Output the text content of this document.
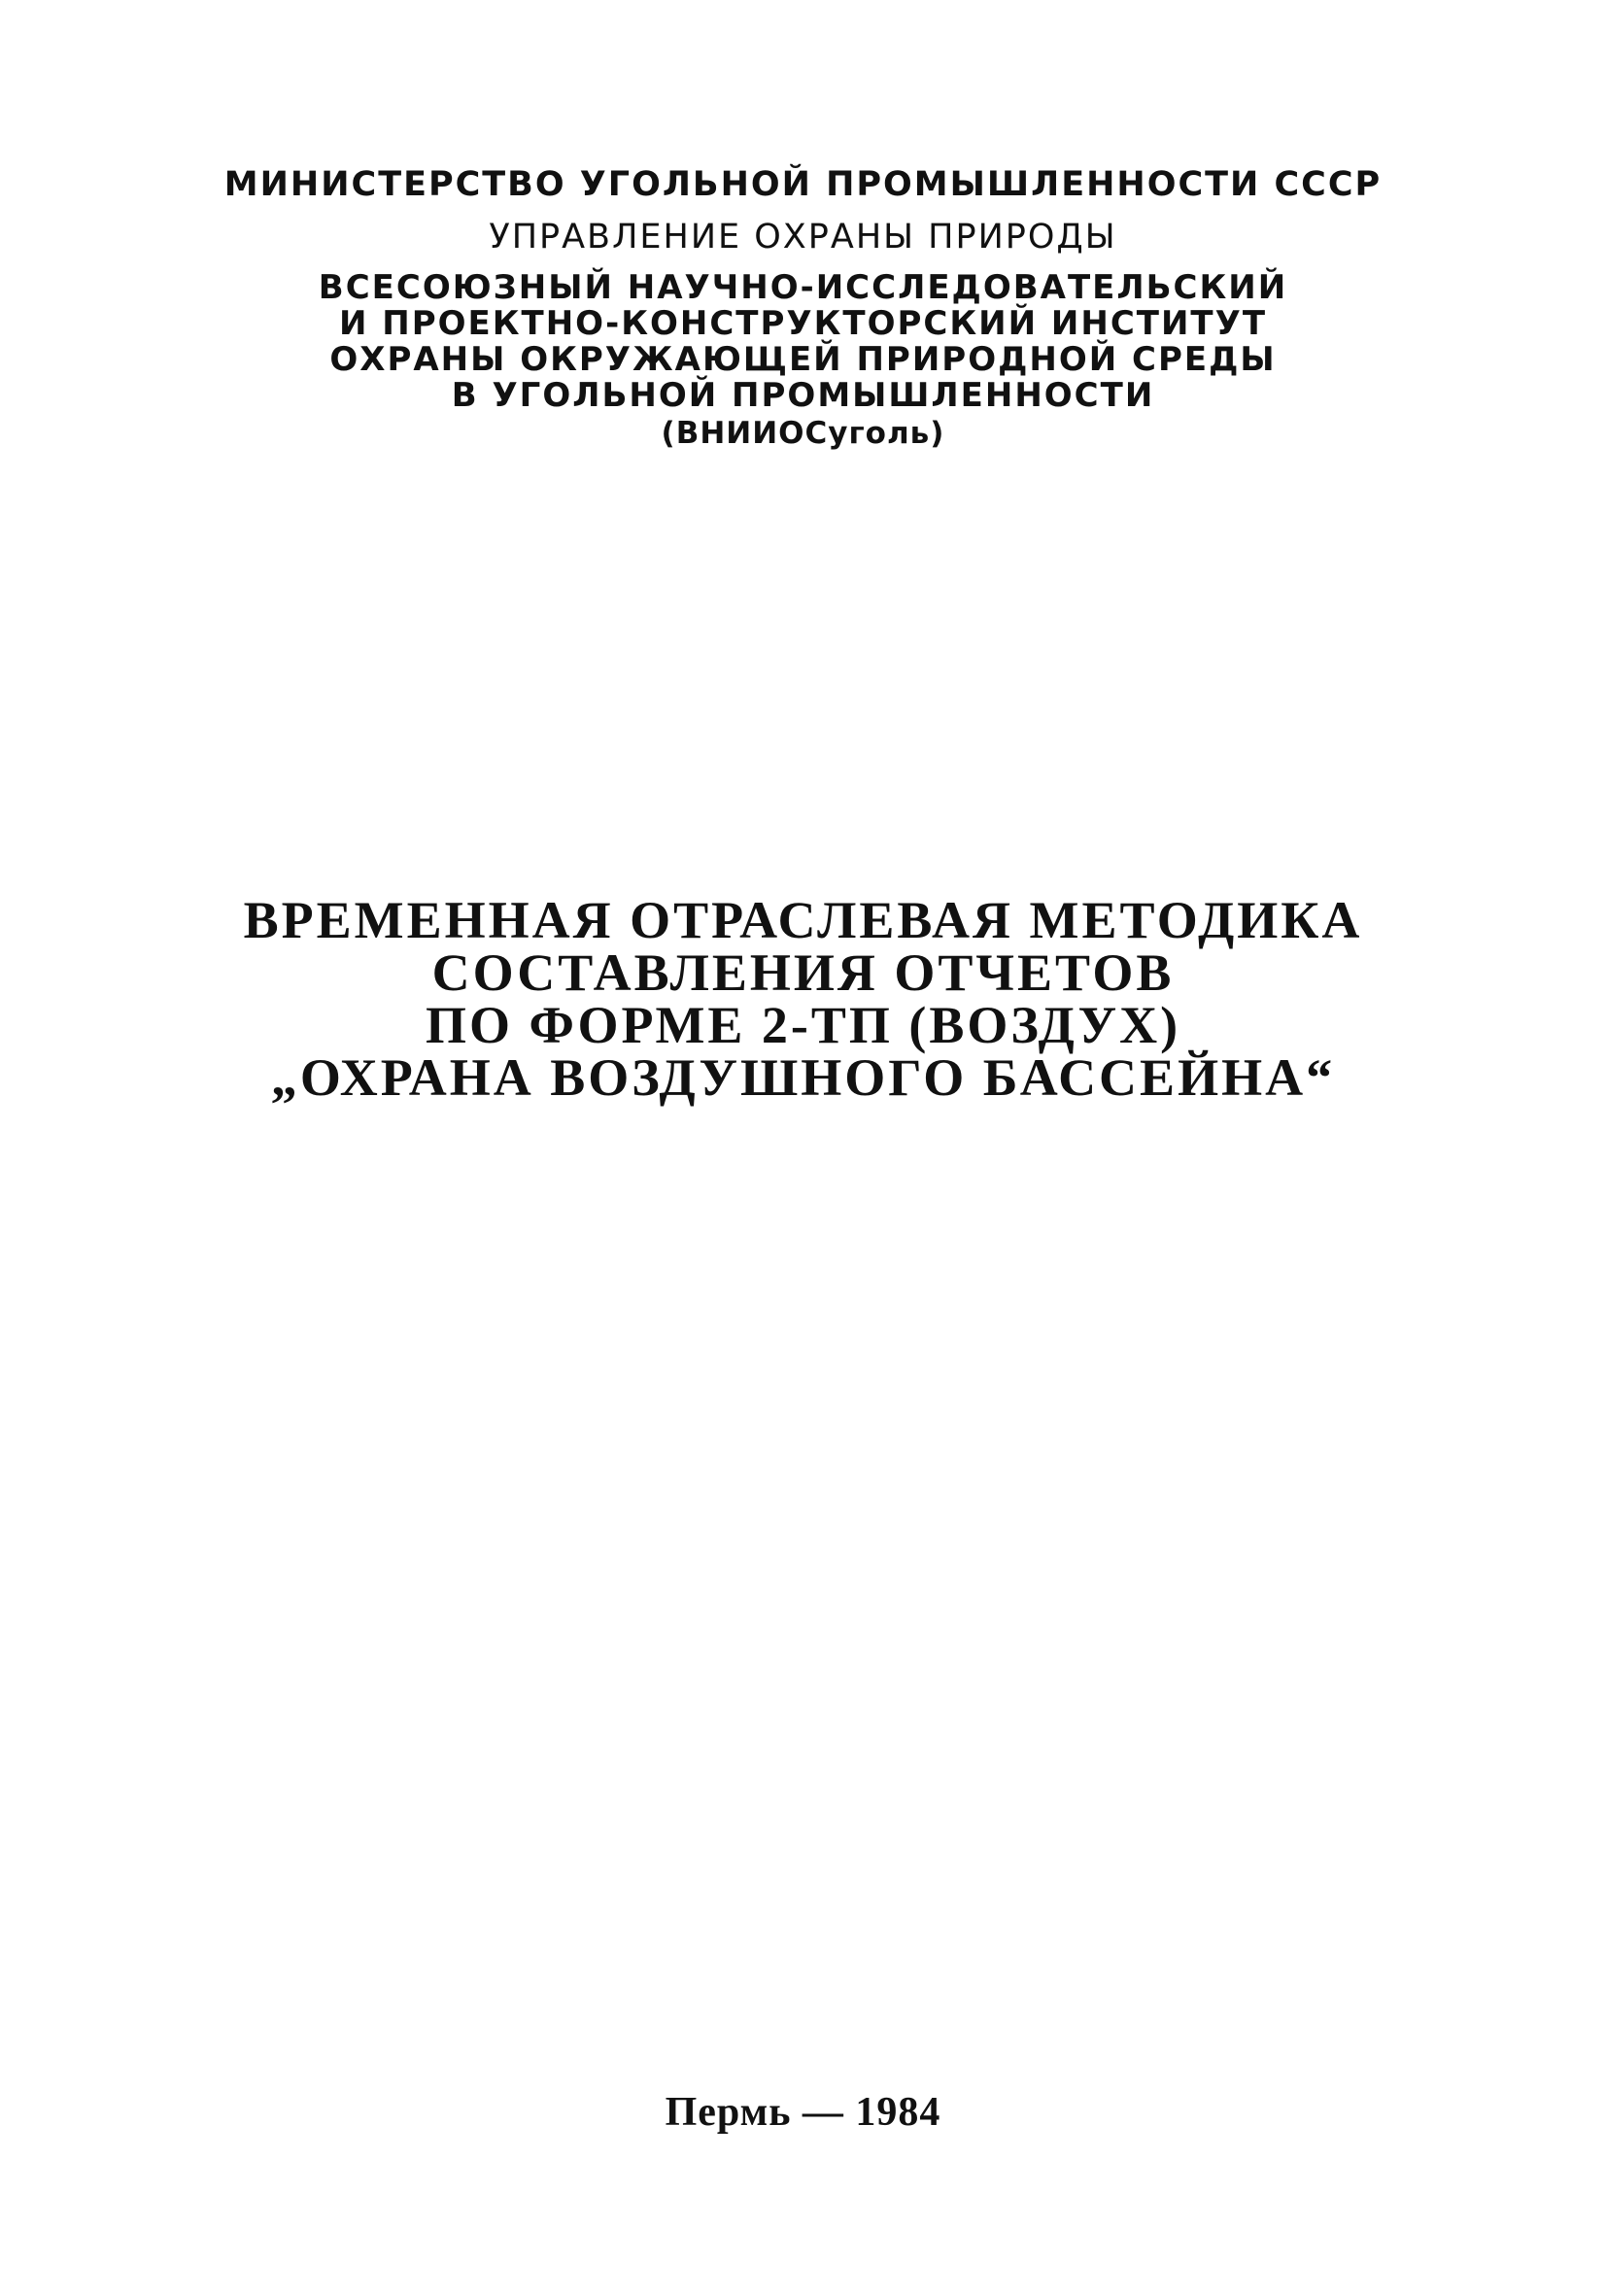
МИНИСТЕРСТВО УГОЛЬНОЙ ПРОМЫШЛЕННОСТИ СССР
УПРАВЛЕНИЕ ОХРАНЫ ПРИРОДЫ
ВСЕСОЮЗНЫЙ НАУЧНО-ИССЛЕДОВАТЕЛЬСКИЙ
И ПРОЕКТНО-КОНСТРУКТОРСКИЙ ИНСТИТУТ
ОХРАНЫ ОКРУЖАЮЩЕЙ ПРИРОДНОЙ СРЕДЫ
В УГОЛЬНОЙ ПРОМЫШЛЕННОСТИ
(ВНИИОСуголь)
ВРЕМЕННАЯ ОТРАСЛЕВАЯ МЕТОДИКА
СОСТАВЛЕНИЯ ОТЧЕТОВ
ПО ФОРМЕ 2-ТП (ВОЗДУХ)
„ОХРАНА ВОЗДУШНОГО БАССЕЙНА“
Пермь — 1984
